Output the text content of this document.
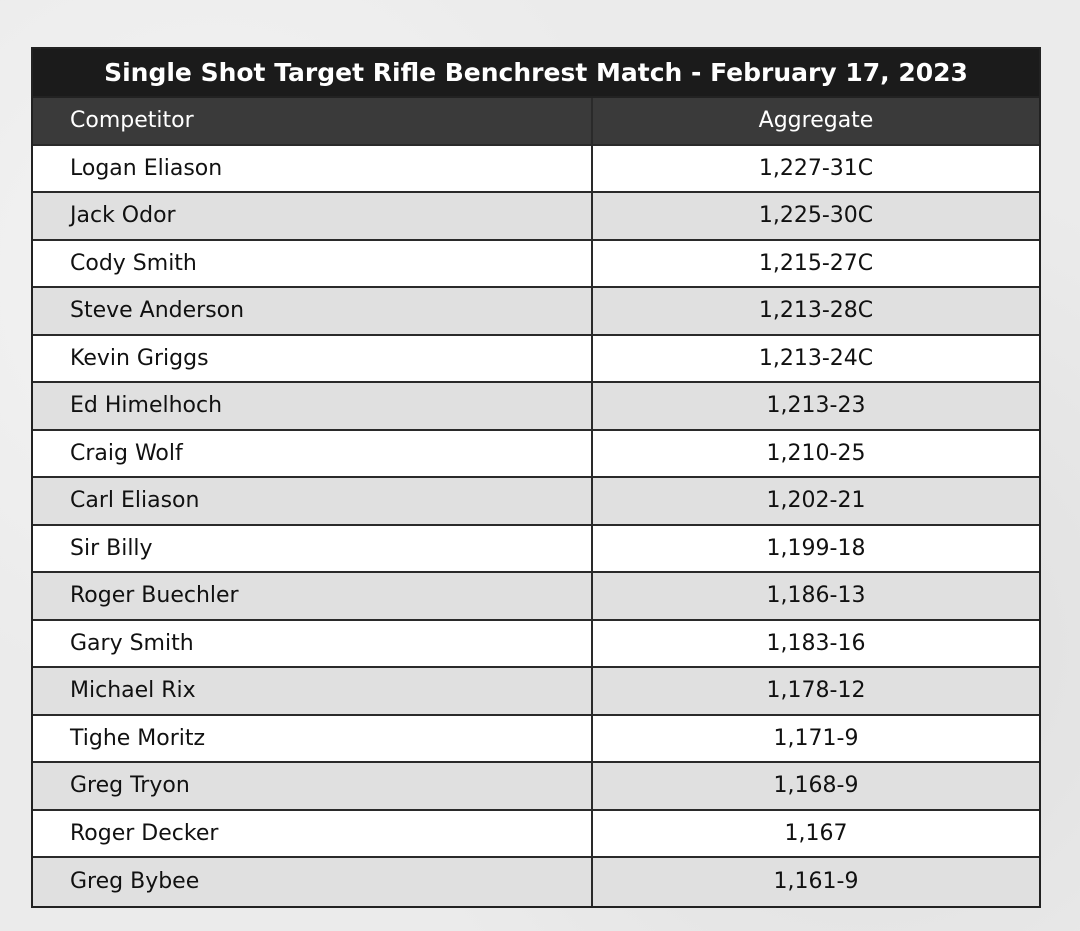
Single Shot Target Rifle Benchrest Match - February 17, 2023
Competitor	Aggregate
Logan Eliason	1,227-31C
Jack Odor	1,225-30C
Cody Smith	1,215-27C
Steve Anderson	1,213-28C
Kevin Griggs	1,213-24C
Ed Himelhoch	1,213-23
Craig Wolf	1,210-25
Carl Eliason	1,202-21
Sir Billy	1,199-18
Roger Buechler	1,186-13
Gary Smith	1,183-16
Michael Rix	1,178-12
Tighe Moritz	1,171-9
Greg Tryon	1,168-9
Roger Decker	1,167
Greg Bybee	1,161-9
